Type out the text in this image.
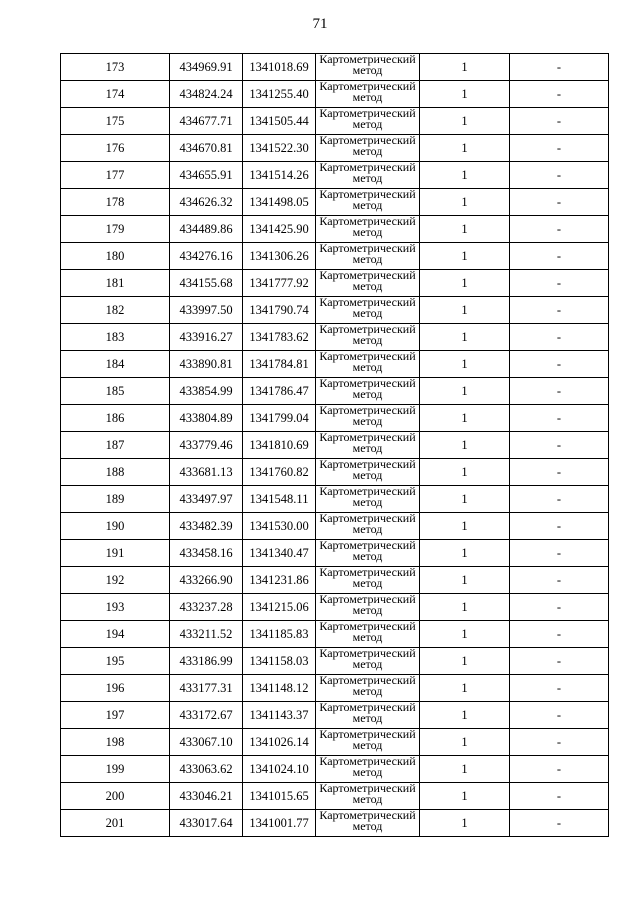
71
173	434969.91	1341018.69	Картометрический метод	1	-
174	434824.24	1341255.40	Картометрический метод	1	-
175	434677.71	1341505.44	Картометрический метод	1	-
176	434670.81	1341522.30	Картометрический метод	1	-
177	434655.91	1341514.26	Картометрический метод	1	-
178	434626.32	1341498.05	Картометрический метод	1	-
179	434489.86	1341425.90	Картометрический метод	1	-
180	434276.16	1341306.26	Картометрический метод	1	-
181	434155.68	1341777.92	Картометрический метод	1	-
182	433997.50	1341790.74	Картометрический метод	1	-
183	433916.27	1341783.62	Картометрический метод	1	-
184	433890.81	1341784.81	Картометрический метод	1	-
185	433854.99	1341786.47	Картометрический метод	1	-
186	433804.89	1341799.04	Картометрический метод	1	-
187	433779.46	1341810.69	Картометрический метод	1	-
188	433681.13	1341760.82	Картометрический метод	1	-
189	433497.97	1341548.11	Картометрический метод	1	-
190	433482.39	1341530.00	Картометрический метод	1	-
191	433458.16	1341340.47	Картометрический метод	1	-
192	433266.90	1341231.86	Картометрический метод	1	-
193	433237.28	1341215.06	Картометрический метод	1	-
194	433211.52	1341185.83	Картометрический метод	1	-
195	433186.99	1341158.03	Картометрический метод	1	-
196	433177.31	1341148.12	Картометрический метод	1	-
197	433172.67	1341143.37	Картометрический метод	1	-
198	433067.10	1341026.14	Картометрический метод	1	-
199	433063.62	1341024.10	Картометрический метод	1	-
200	433046.21	1341015.65	Картометрический метод	1	-
201	433017.64	1341001.77	Картометрический метод	1	-
